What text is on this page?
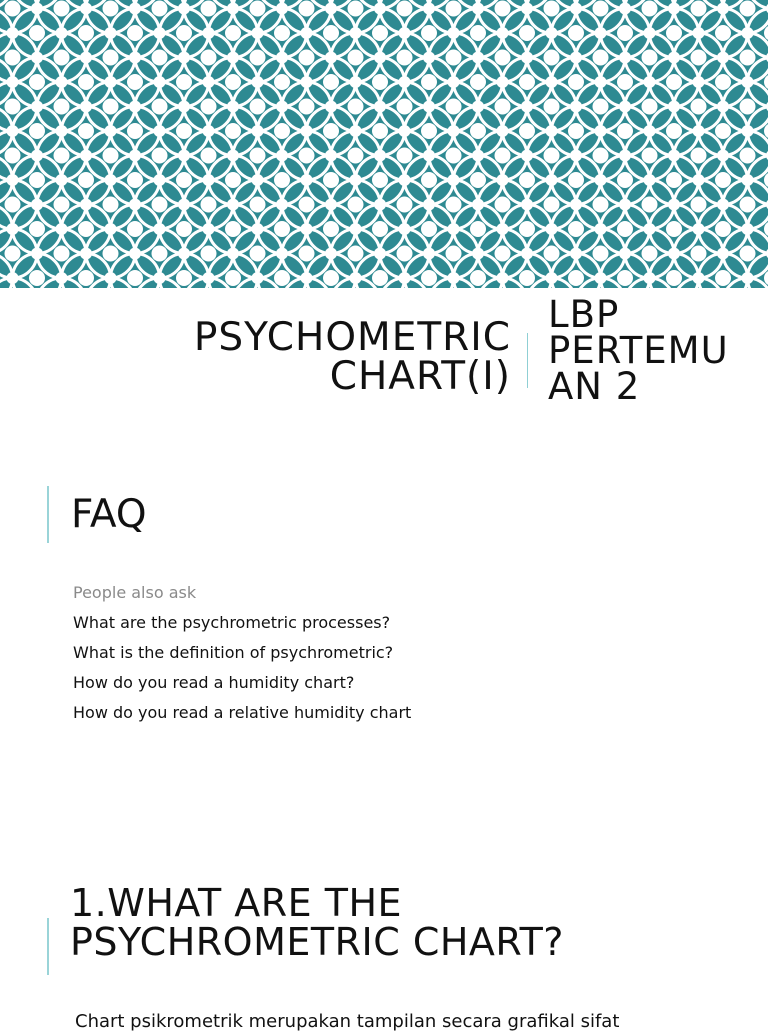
PSYCHOMETRIC
CHART(I)
LBP
PERTEMU
AN 2
FAQ
People also ask
What are the psychrometric processes?
What is the definition of psychrometric?
How do you read a humidity chart?
How do you read a relative humidity chart
1.WHAT ARE THE
PSYCHROMETRIC CHART?
Chart psikrometrik merupakan tampilan secara grafikal sifat
